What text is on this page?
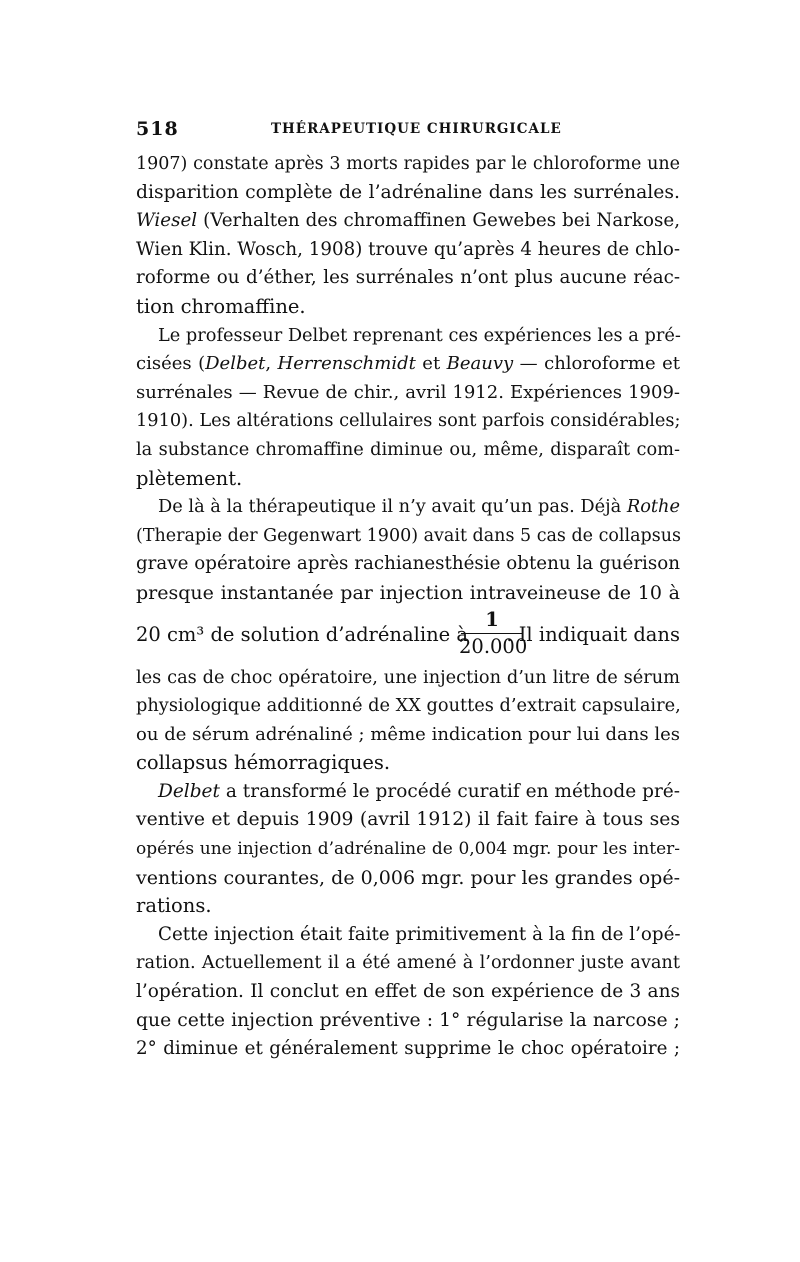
518	THÉRAPEUTIQUE CHIRURGICALE
1907) constate après 3 morts rapides par le chloroforme une
disparition complète de l’adrénaline dans les surrénales.
Wiesel (Verhalten des chromaffinen Gewebes bei Narkose,
Wien Klin. Wosch, 1908) trouve qu’après 4 heures de chlo-
roforme ou d’éther, les surrénales n’ont plus aucune réac-
tion chromaffine.
Le professeur Delbet reprenant ces expériences les a pré-
cisées (Delbet, Herrenschmidt et Beauvy — chloroforme et
surrénales — Revue de chir., avril 1912. Expériences 1909-
1910). Les altérations cellulaires sont parfois considérables;
la substance chromaffine diminue ou, même, disparaît com-
plètement.
De là à la thérapeutique il n’y avait qu’un pas. Déjà Rothe
(Therapie der Gegenwart 1900) avait dans 5 cas de collapsus
grave opératoire après rachianesthésie obtenu la guérison
presque instantanée par injection intraveineuse de 10 à
20 cm³ de solution d’adrénaline à
1
20.000
. Il indiquait dans
les cas de choc opératoire, une injection d’un litre de sérum
physiologique additionné de XX gouttes d’extrait capsulaire,
ou de sérum adrénaliné ; même indication pour lui dans les
collapsus hémorragiques.
Delbet a transformé le procédé curatif en méthode pré-
ventive et depuis 1909 (avril 1912) il fait faire à tous ses
opérés une injection d’adrénaline de 0,004 mgr. pour les inter-
ventions courantes, de 0,006 mgr. pour les grandes opé-
rations.
Cette injection était faite primitivement à la fin de l’opé-
ration. Actuellement il a été amené à l’ordonner juste avant
l’opération. Il conclut en effet de son expérience de 3 ans
que cette injection préventive : 1° régularise la narcose ;
2° diminue et généralement supprime le choc opératoire ;
